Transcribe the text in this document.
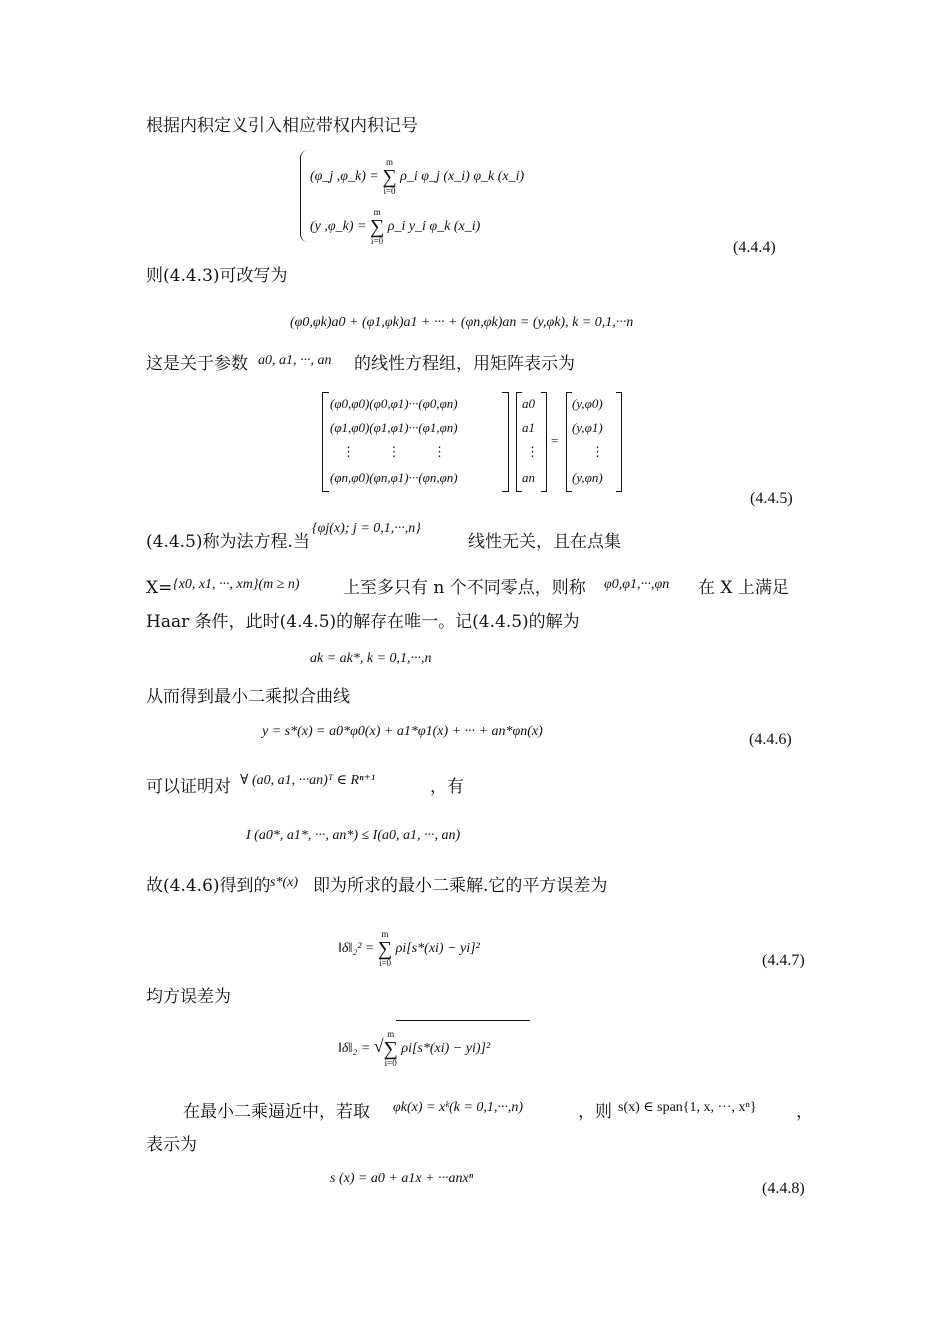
根据内积定义引入相应带权内积记号
(φ_j ,φ_k) = m
∑
i=0 ρ_i φ_j (x_i) φ_k (x_i)
(y ,φ_k) = m
∑
i=0 ρ_i y_i φ_k (x_i)
(4.4.4)
则(4.4.3)可改写为
(φ0,φk)a0 + (φ1,φk)a1 + ··· + (φn,φk)an = (y,φk), k = 0,1,···n
这是关于参数 a0, a1, ···, an 的线性方程组，用矩阵表示为
(φ0,φ0)(φ0,φ1)···(φ0,φn)
(φ1,φ0)(φ1,φ1)···(φ1,φn)
⋮          ⋮          ⋮
(φn,φ0)(φn,φ1)···(φn,φn)
a0
a1
⋮
an
=
(y,φ0)
(y,φ1)
⋮
(y,φn)
(4.4.5)
(4.4.5)称为法方程.当
{φj(x); j = 0,1,···,n}
线性无关，且在点集
X= {x0, x1, ···, xm}(m ≥ n)	上至多只有 n 个不同零点，则称 φ0,φ1,···,φn 在 X 上满足
Haar 条件，此时(4.4.5)的解存在唯一。记(4.4.5)的解为
ak = ak*, k = 0,1,···,n
从而得到最小二乘拟合曲线
y = s*(x) = a0*φ0(x) + a1*φ1(x) + ··· + an*φn(x)	(4.4.6)
可以证明对 ∀ (a0, a1, ···an)ᵀ ∈ Rⁿ⁺¹	，有
I (a0*, a1*, ···, an*) ≤ I(a0, a1, ···, an)
故(4.4.6)得到的 s*(x) 即为所求的最小二乘解.它的平方误差为
‖δ‖₂² = m
∑
i=0 ρi[s*(xi) − yi]²
(4.4.7)
均方误差为
‖δ‖₂ = √m
∑
i=0 ρi[s*(xi) − yi)]²
在最小二乘逼近中，若取 φk(x) = xᵏ(k = 0,1,···,n)	，则 s(x) ∈ span{1, x, ···, xⁿ} ，
表示为
s (x) = a0 + a1x + ···anxⁿ
(4.4.8)
